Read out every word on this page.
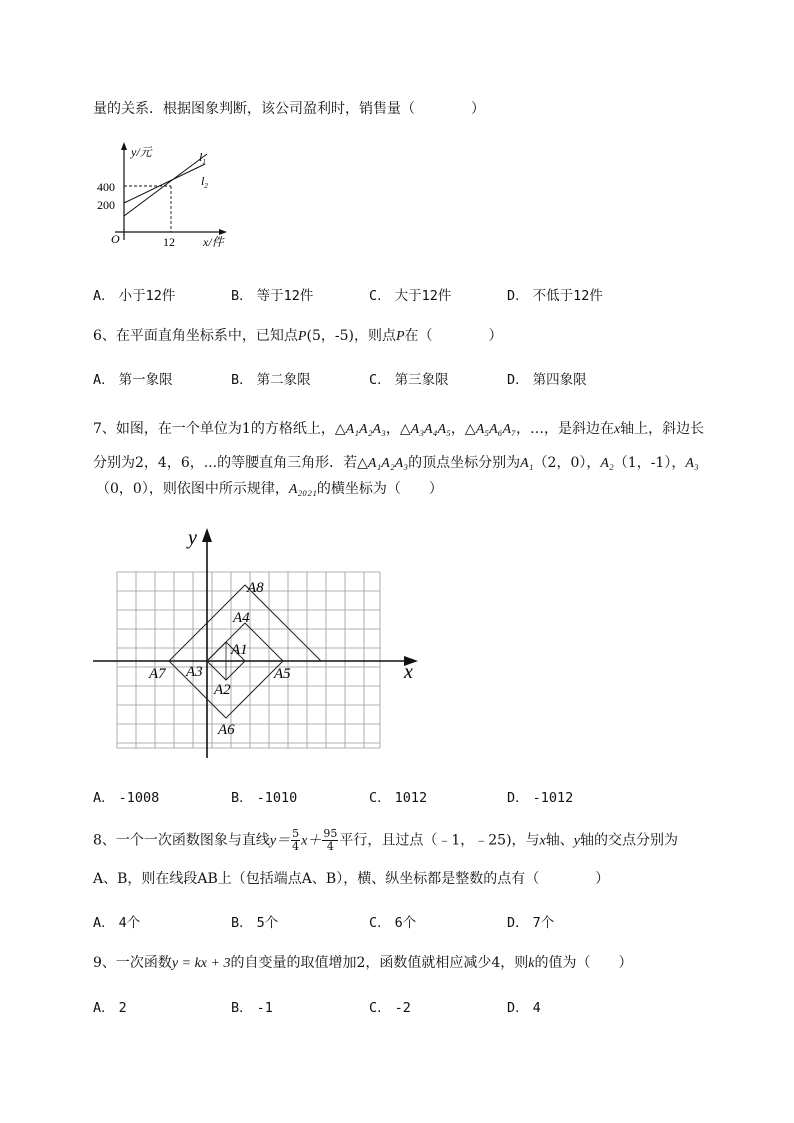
量的关系．根据图象判断，该公司盈利时，销售量（　　　　）
y/元
400
200
O	12 x/件
$l_1$
$l_2$
A． 小于12件	B． 等于12件	C． 大于12件	D． 不低于12件
6、在平面直角坐标系中，已知点P(5，-5)，则点P在（　　　　）
A． 第一象限	B． 第二象限	C． 第三象限	D． 第四象限
7、如图，在一个单位为1的方格纸上，△A₁A₂A₃，△A₃A₄A₅，△A₅A₆A₇，…，是斜边在x轴上，斜边长
分别为2，4，6，...的等腰直角三角形．若△A₁A₂A₃的顶点坐标分别为A₁（2，0），A₂（1，-1），A₃
（0，0），则依图中所示规律，A₂₀₂₁的横坐标为（　　）
y
x
A8
A4
A1
A7 A3
A2
A5
A6
A． -1008	B． -1010	C． 1012	D． -1012
8、一个一次函数图象与直线$y= \frac{5}{4} x+ \frac{95}{4}$ 平行，且过点（﹣1，﹣25)，与x轴、y轴的交点分别为
A、B，则在线段AB上（包括端点A、B），横、纵坐标都是整数的点有（　　　　）
A． 4个	B． 5个	C． 6个	D． 7个
9、一次函数y = kx + 3的自变量的取值增加2，函数值就相应减少4，则k的值为（　　）
A． 2	B． -1	C． -2	D． 4
